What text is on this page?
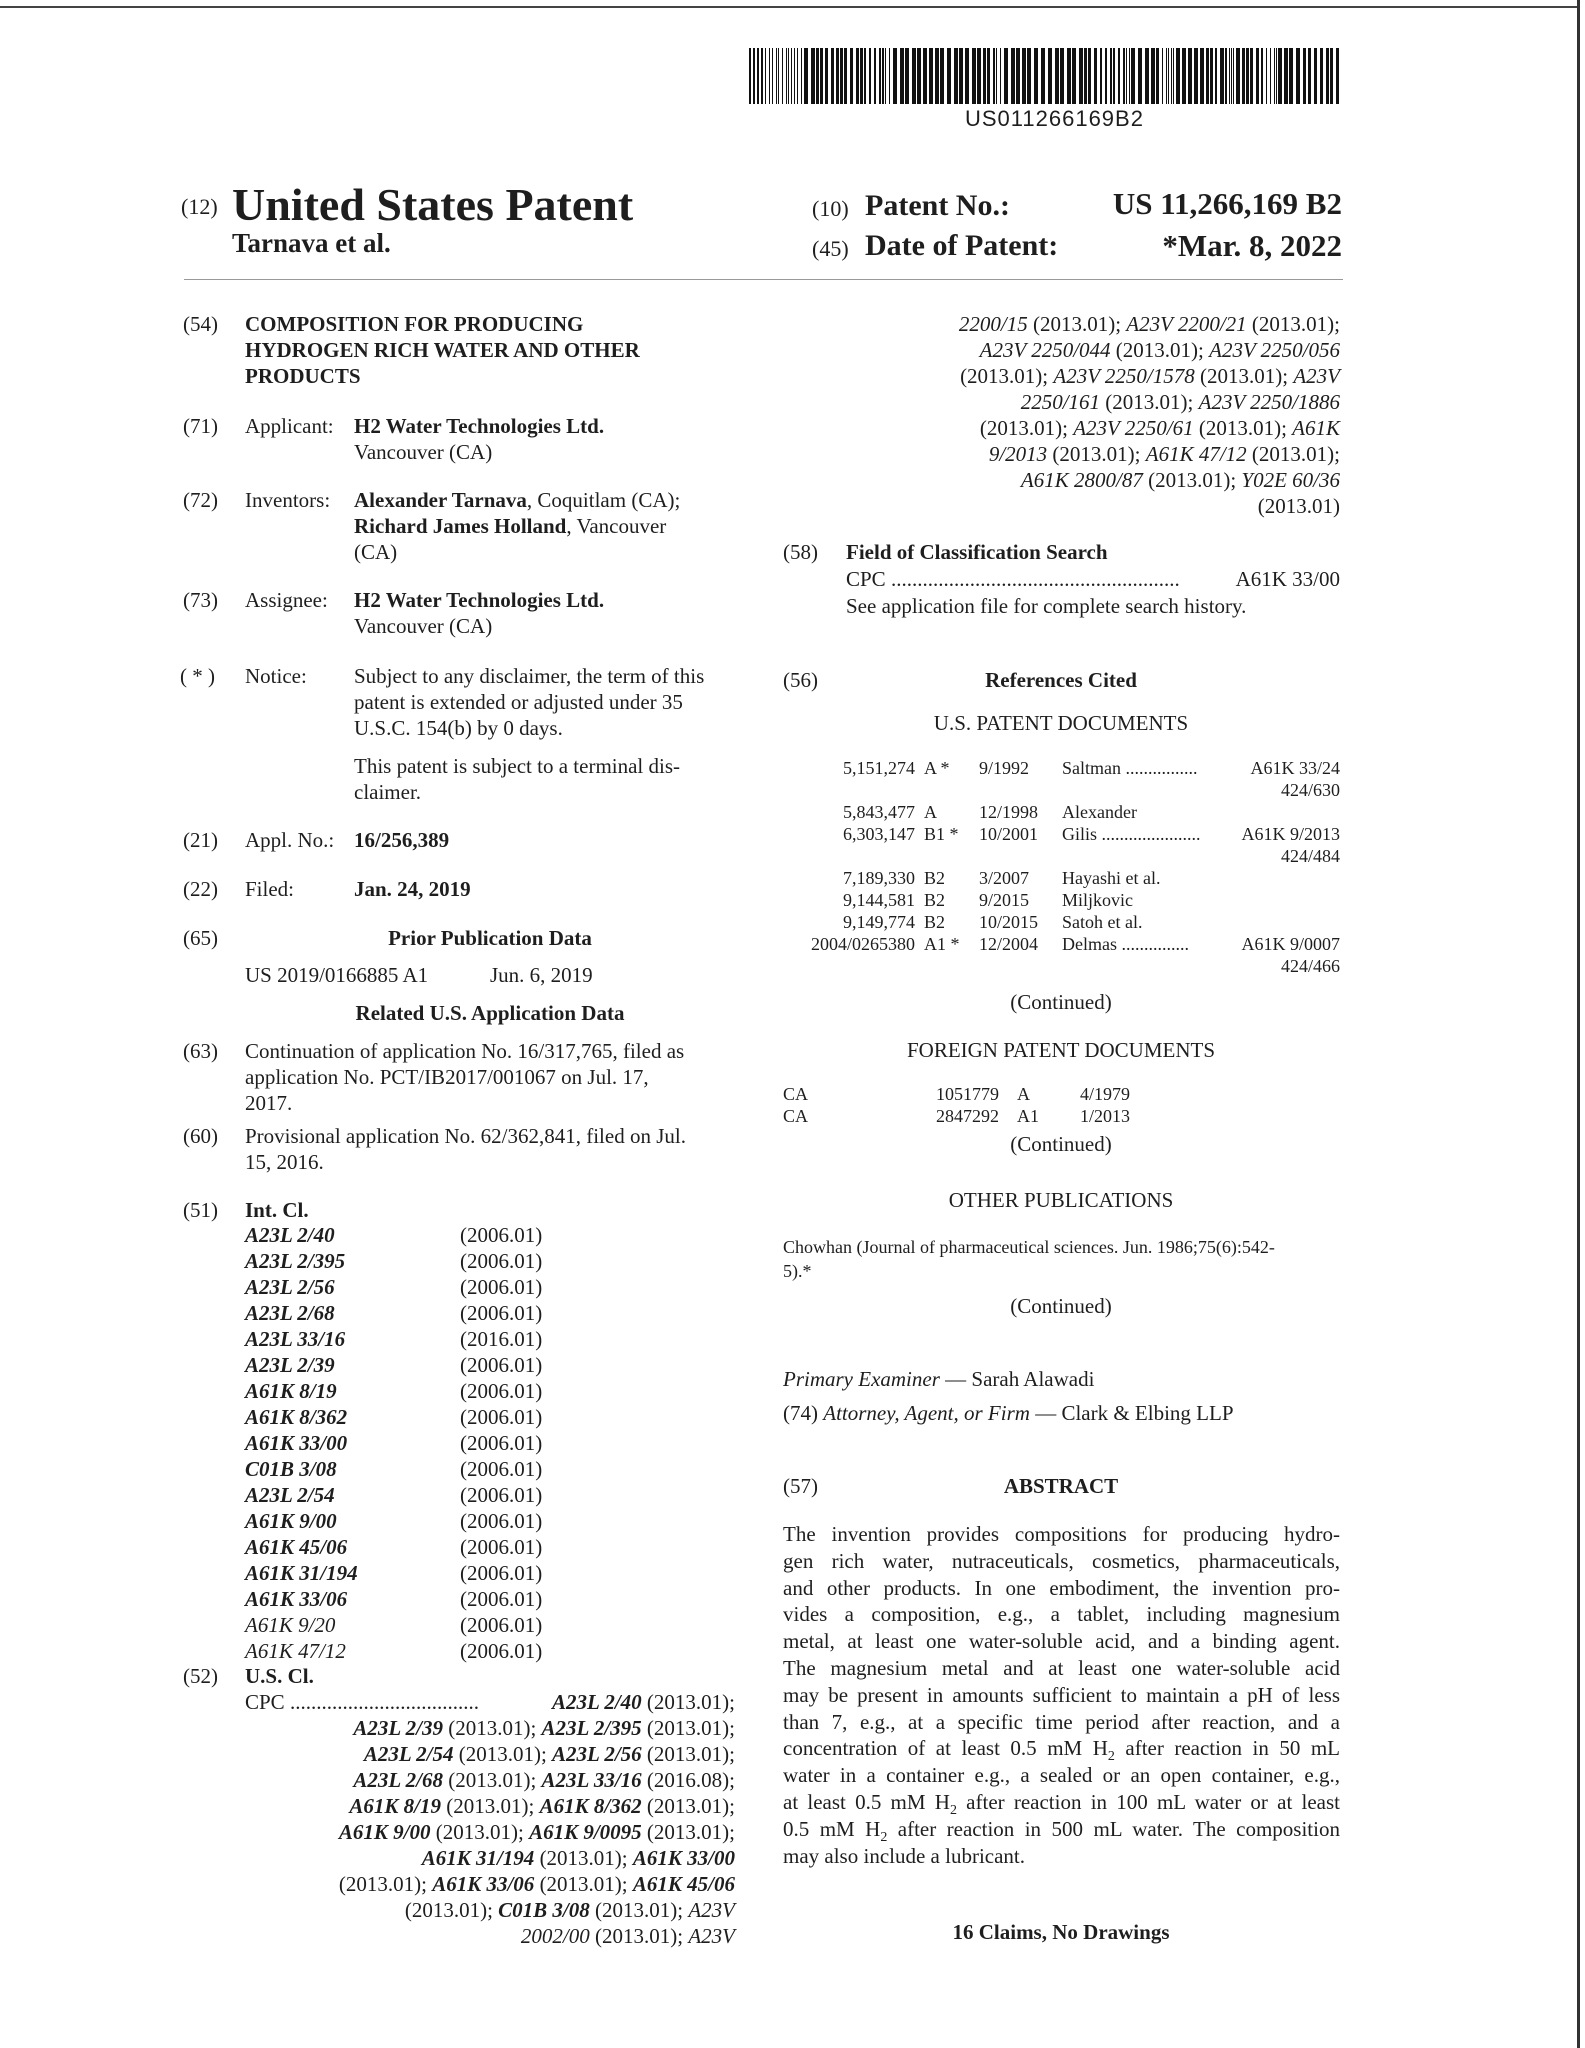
US011266169B2
(12) United States Patent
Tarnava et al.
(10) Patent No.:	US 11,266,169 B2
(45) Date of Patent:	*Mar. 8, 2022
(54) COMPOSITION FOR PRODUCING
HYDROGEN RICH WATER AND OTHER
PRODUCTS
(71) Applicant: H2 Water Technologies Ltd.
Vancouver (CA)
(72) Inventors: Alexander Tarnava, Coquitlam (CA);
Richard James Holland, Vancouver
(CA)
(73) Assignee: H2 Water Technologies Ltd.
Vancouver (CA)
( * ) Notice: Subject to any disclaimer, the term of this
patent is extended or adjusted under 35
U.S.C. 154(b) by 0 days.
This patent is subject to a terminal dis-
claimer.
(21) Appl. No.: 16/256,389
(22) Filed:	Jan. 24, 2019
(65)	Prior Publication Data
US 2019/0166885 A1	Jun. 6, 2019
Related U.S. Application Data
(63) Continuation of application No. 16/317,765, filed as
application No. PCT/IB2017/001067 on Jul. 17,
2017.
(60) Provisional application No. 62/362,841, filed on Jul.
15, 2016.
(51) Int. Cl.
A23L 2/40	(2006.01)
A23L 2/395	(2006.01)
A23L 2/56	(2006.01)
A23L 2/68	(2006.01)
A23L 33/16	(2016.01)
A23L 2/39	(2006.01)
A61K 8/19	(2006.01)
A61K 8/362	(2006.01)
A61K 33/00	(2006.01)
C01B 3/08	(2006.01)
A23L 2/54	(2006.01)
A61K 9/00	(2006.01)
A61K 45/06	(2006.01)
A61K 31/194	(2006.01)
A61K 33/06	(2006.01)
A61K 9/20	(2006.01)
A61K 47/12	(2006.01)
(52) U.S. Cl.
CPC ....................................	A23L 2/40 (2013.01);
A23L 2/39 (2013.01); A23L 2/395 (2013.01);
A23L 2/54 (2013.01); A23L 2/56 (2013.01);
A23L 2/68 (2013.01); A23L 33/16 (2016.08);
A61K 8/19 (2013.01); A61K 8/362 (2013.01);
A61K 9/00 (2013.01); A61K 9/0095 (2013.01);
A61K 31/194 (2013.01); A61K 33/00
(2013.01); A61K 33/06 (2013.01); A61K 45/06
(2013.01); C01B 3/08 (2013.01); A23V
2002/00 (2013.01); A23V
2200/15 (2013.01); A23V 2200/21 (2013.01);
A23V 2250/044 (2013.01); A23V 2250/056
(2013.01); A23V 2250/1578 (2013.01); A23V
2250/161 (2013.01); A23V 2250/1886
(2013.01); A23V 2250/61 (2013.01); A61K
9/2013 (2013.01); A61K 47/12 (2013.01);
A61K 2800/87 (2013.01); Y02E 60/36
(2013.01)
(58) Field of Classification Search
CPC .......................................................	A61K 33/00
See application file for complete search history.
(56)	References Cited
U.S. PATENT DOCUMENTS
5,151,274 A * 9/1992 Saltman ................	A61K 33/24
424/630
5,843,477 A 12/1998 Alexander
6,303,147 B1 * 10/2001 Gilis ......................	A61K 9/2013
424/484
7,189,330 B2 3/2007 Hayashi et al.
9,144,581 B2 9/2015 Miljkovic
9,149,774 B2 10/2015 Satoh et al.
2004/0265380 A1 * 12/2004 Delmas ...............	A61K 9/0007
424/466
(Continued)
FOREIGN PATENT DOCUMENTS
CA	1051779 A	4/1979
CA	2847292 A1 1/2013
(Continued)
OTHER PUBLICATIONS
Chowhan (Journal of pharmaceutical sciences. Jun. 1986;75(6):542-
5).*
(Continued)
Primary Examiner — Sarah Alawadi
(74) Attorney, Agent, or Firm — Clark & Elbing LLP
(57)	ABSTRACT
The invention provides compositions for producing hydro-
gen rich water, nutraceuticals, cosmetics, pharmaceuticals,
and other products. In one embodiment, the invention pro-
vides a composition, e.g., a tablet, including magnesium
metal, at least one water-soluble acid, and a binding agent.
The magnesium metal and at least one water-soluble acid
may be present in amounts sufficient to maintain a pH of less
than 7, e.g., at a specific time period after reaction, and a
concentration of at least 0.5 mM $H_2$ after reaction in 50 mL
water in a container e.g., a sealed or an open container, e.g.,
at least 0.5 mM $H_2$ after reaction in 100 mL water or at least
0.5 mM $H_2$ after reaction in 500 mL water. The composition
may also include a lubricant.
16 Claims, No Drawings
